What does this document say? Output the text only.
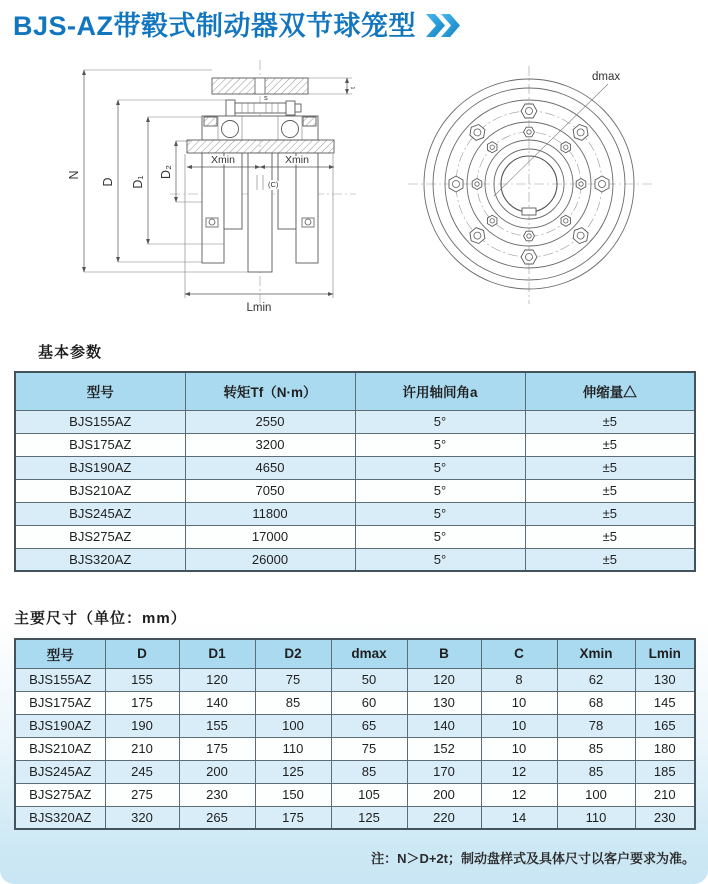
BJS-AZ带毂式制动器双节球笼型
t
s
Xmin	Xmin
(C)
N
D D₁
D₂
Lmin
dmax
基本参数
型号	转矩Tf（N·m）	许用轴间角a	伸缩量△
BJS155AZ	2550	5°	±5
BJS175AZ	3200	5°	±5
BJS190AZ	4650	5°	±5
BJS210AZ	7050	5°	±5
BJS245AZ	11800	5°	±5
BJS275AZ	17000	5°	±5
BJS320AZ	26000	5°	±5
主要尺寸（单位：mm）
型号	D	D1	D2	dmax	B	C	Xmin	Lmin
BJS155AZ	155	120	75	50	120	8	62	130
BJS175AZ	175	140	85	60	130	10	68	145
BJS190AZ	190	155	100	65	140	10	78	165
BJS210AZ	210	175	110	75	152	10	85	180
BJS245AZ	245	200	125	85	170	12	85	185
BJS275AZ	275	230	150	105	200	12	100	210
BJS320AZ	320	265	175	125	220	14	110	230

注：N＞D+2t；制动盘样式及具体尺寸以客户要求为准。
